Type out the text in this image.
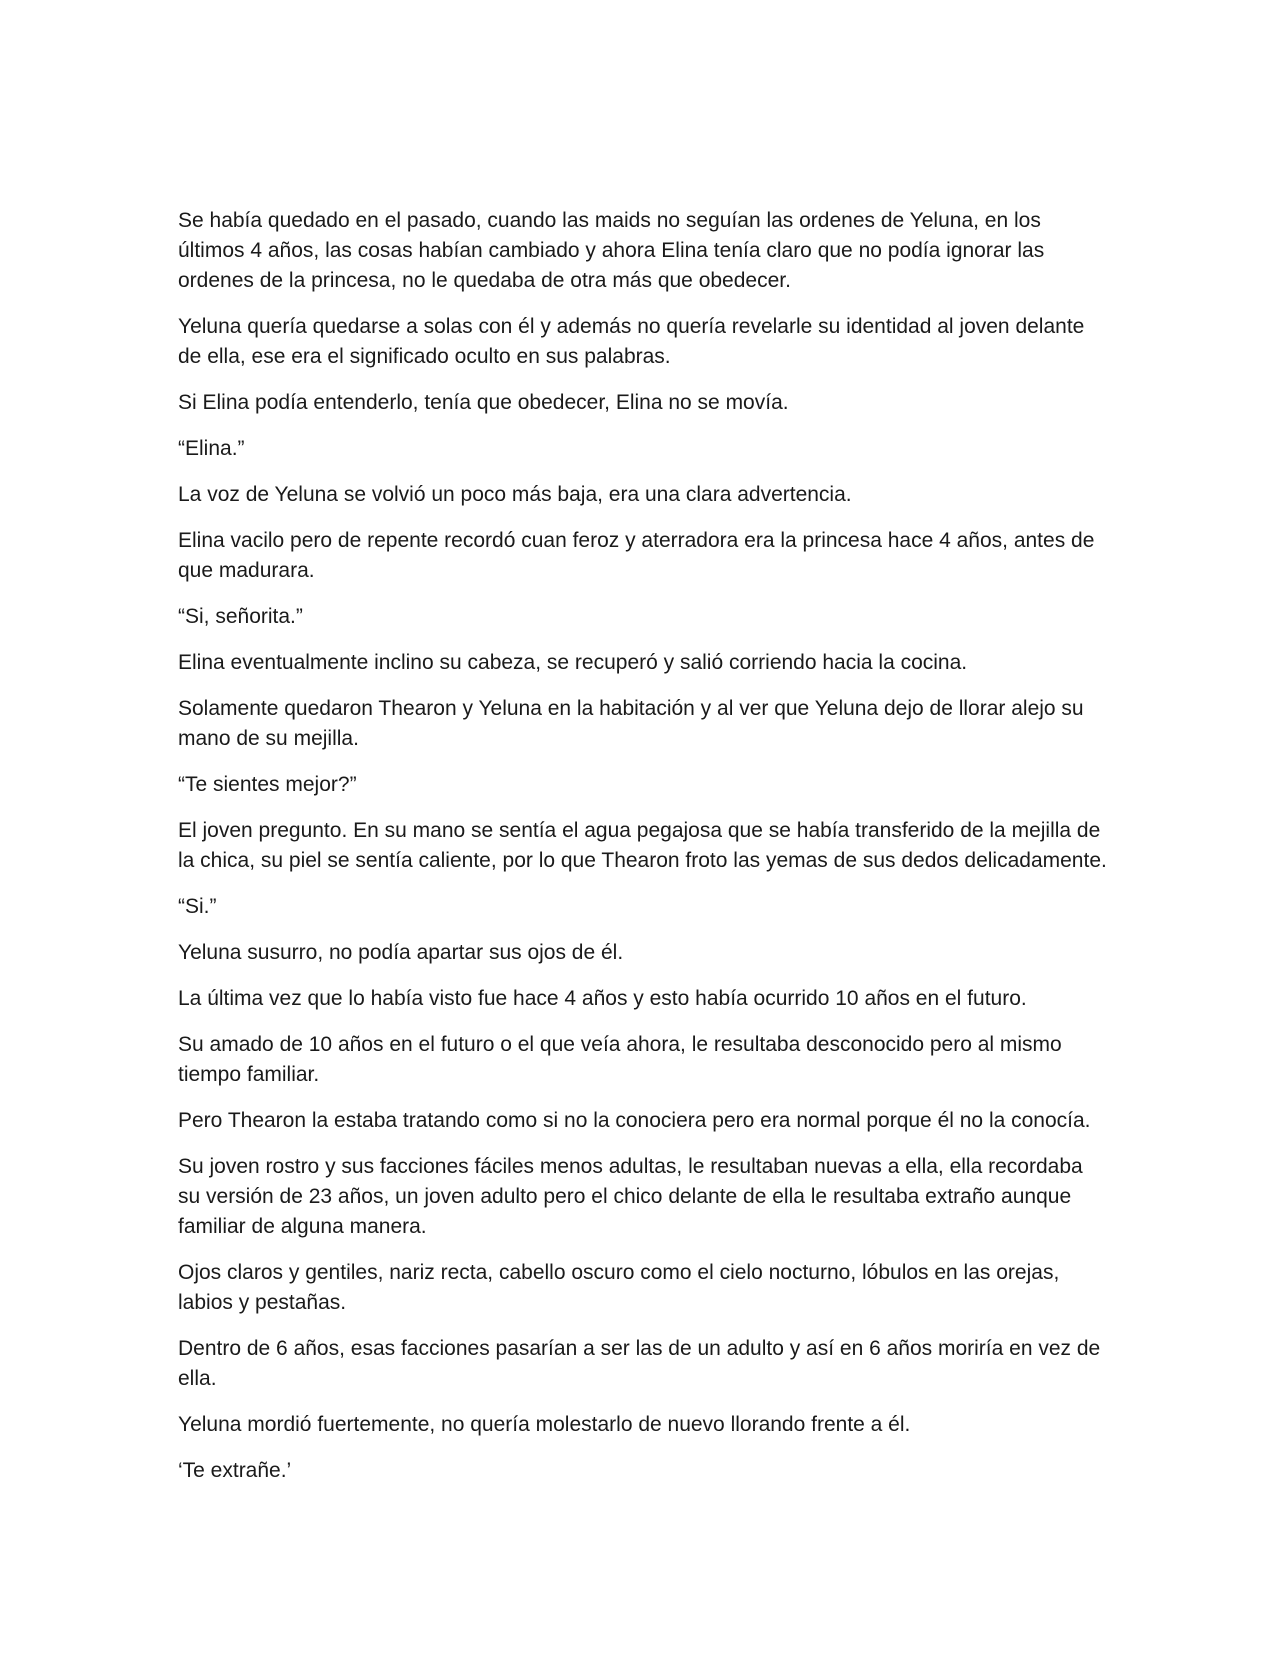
Se había quedado en el pasado, cuando las maids no seguían las ordenes de Yeluna, en los últimos 4 años, las cosas habían cambiado y ahora Elina tenía claro que no podía ignorar las ordenes de la princesa, no le quedaba de otra más que obedecer.

Yeluna quería quedarse a solas con él y además no quería revelarle su identidad al joven delante de ella, ese era el significado oculto en sus palabras.

Si Elina podía entenderlo, tenía que obedecer, Elina no se movía.

“Elina.”

La voz de Yeluna se volvió un poco más baja, era una clara advertencia.

Elina vacilo pero de repente recordó cuan feroz y aterradora era la princesa hace 4 años, antes de que madurara.

“Si, señorita.”

Elina eventualmente inclino su cabeza, se recuperó y salió corriendo hacia la cocina.

Solamente quedaron Thearon y Yeluna en la habitación y al ver que Yeluna dejo de llorar alejo su mano de su mejilla.

“Te sientes mejor?”

El joven pregunto. En su mano se sentía el agua pegajosa que se había transferido de la mejilla de la chica, su piel se sentía caliente, por lo que Thearon froto las yemas de sus dedos delicadamente.

“Si.”

Yeluna susurro, no podía apartar sus ojos de él.

La última vez que lo había visto fue hace 4 años y esto había ocurrido 10 años en el futuro.

Su amado de 10 años en el futuro o el que veía ahora, le resultaba desconocido pero al mismo tiempo familiar.

Pero Thearon la estaba tratando como si no la conociera pero era normal porque él no la conocía.

Su joven rostro y sus facciones fáciles menos adultas, le resultaban nuevas a ella, ella recordaba su versión de 23 años, un joven adulto pero el chico delante de ella le resultaba extraño aunque familiar de alguna manera.

Ojos claros y gentiles, nariz recta, cabello oscuro como el cielo nocturno, lóbulos en las orejas, labios y pestañas.

Dentro de 6 años, esas facciones pasarían a ser las de un adulto y así en 6 años moriría en vez de ella.

Yeluna mordió fuertemente, no quería molestarlo de nuevo llorando frente a él.

‘Te extrañe.’
